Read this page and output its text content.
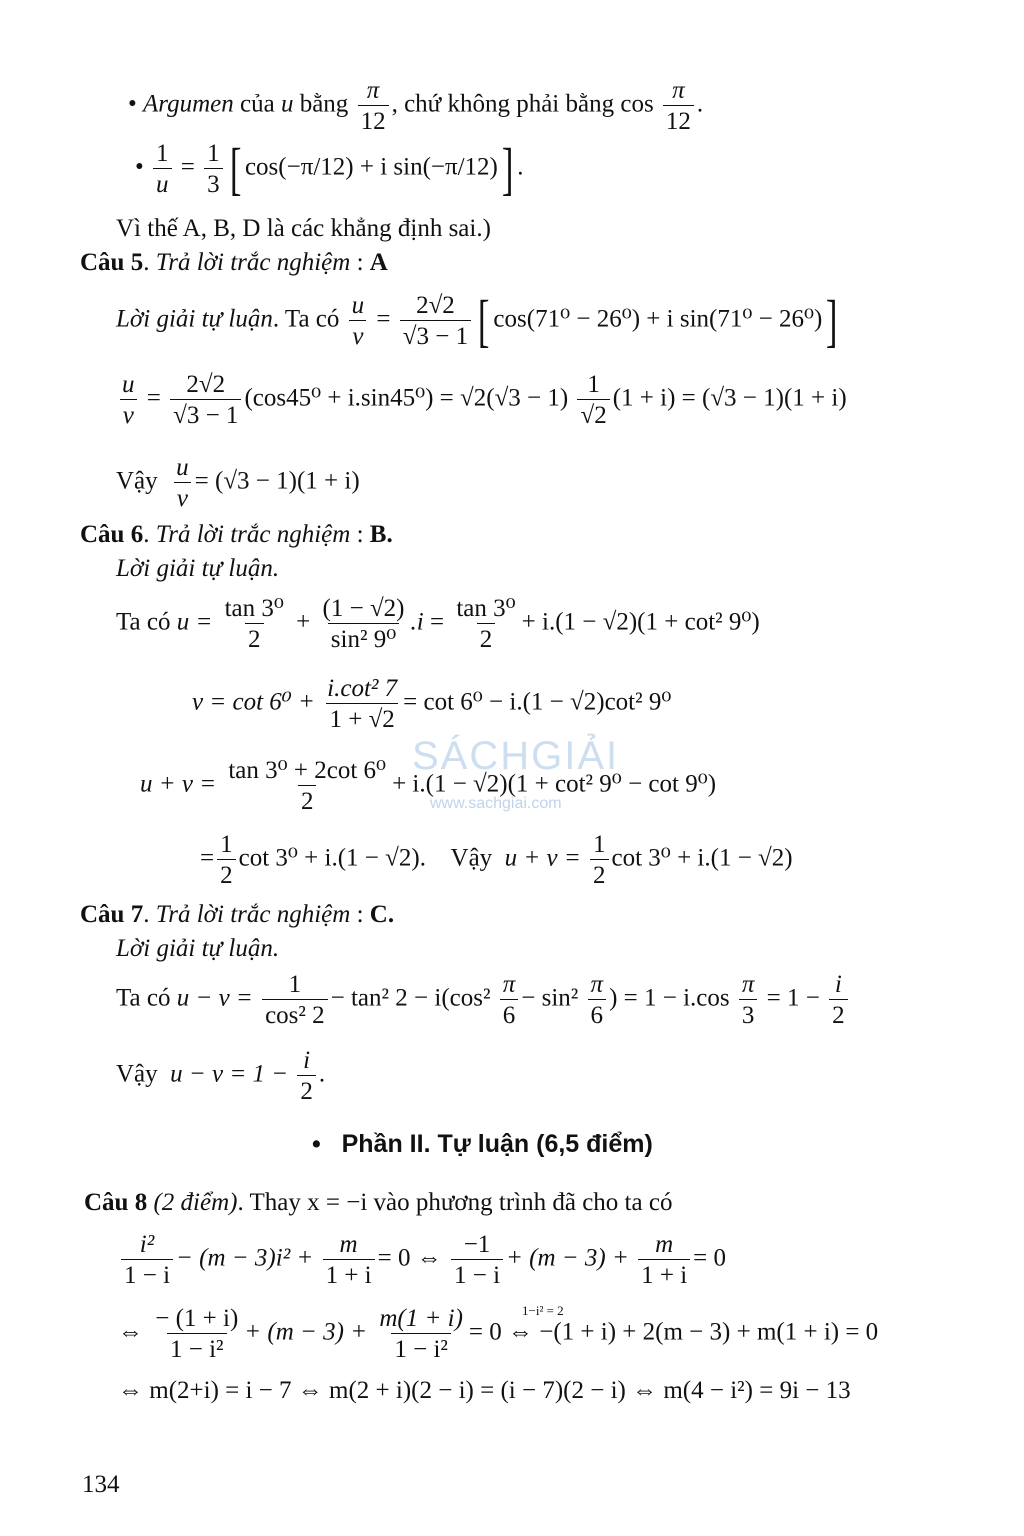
SÁCHGIẢI
www.sachgiai.com
• Argumen của u bằng $\frac{\pi}{12}$ , chứ không phải bằng $\cos \frac{\pi}{12}$ .
• $\frac{1}{u} = \frac{1}{3}$ [ cos(−π/12) + i sin(−π/12)] .
Vì thế A, B, D là các khẳng định sai.)
Câu 5. Trả lời trắc nghiệm : A
Lời giải tự luận. Ta có $\frac{u}{v} = \frac{2√2}{√3 - 1}$ [ cos(71⁰ − 26⁰) + i sin(71⁰ − 26⁰)]
$\frac{u}{v} = \frac{2√2}{√3 - 1} (\cos 45^0 + i.\sin 45^0) = √2(√3 - 1) \frac{1}{√2} (1 + i) = (√3 - 1)(1 + i)$
Vậy $\frac{u}{v} = (√3 - 1)(1 + i)$
Câu 6. Trả lời trắc nghiệm : B.
Lời giải tự luận.
Ta có $u = \frac{\text{tan 3⁰}}{2} + \frac{(1 - √2)}{\text{sin² 9⁰}} .i = \frac{\text{tan 3⁰}}{2} + i.(1 - √2)(1 + \cot^2$ 9⁰)
$v = \cot 6^0 + \frac{\text{i.cot² 7}}{1 + √2} = \cot 6^0 - i.(1 - √2)\cot^2$ 9⁰
$u + v = \frac{\text{tan 3⁰ + 2cot 6⁰}}{2} + i.(1 - √2)(1 + \cot^2$ 9⁰ − cot 9⁰)
= $\frac{1}{2}$ cot 3⁰ + i.(1 − √2). Vậy $u + v = \frac{1}{2}$ cot 3⁰ + i.(1 − √2)
Câu 7. Trả lời trắc nghiệm : C.
Lời giải tự luận.
Ta có $u - v = \frac{1}{\text{cos² 2}} - \tan^2$ $2 - i(\cos^2 \frac{\pi}{6} - \sin^2 \frac{\pi}{6}$ ) = $1 - i.\cos \frac{\pi}{3} = 1 - \frac{i}{2}$
Vậy $u - v = 1 - \frac{i}{2}$ .
• Phần II. Tự luận (6,5 điểm)
Câu 8 (2 điểm). Thay x = −i vào phương trình đã cho ta có
$\frac{\text{i²}}{1 - i} - (m - 3)i^2 + \frac{m}{1 + i} = 0$ ⇔ $\frac{-1}{1 - i} + (m - 3) + \frac{m}{1 + i} = 0$
⇔ $\frac{- (1 + i)}{\text{1 − i²}} + (m - 3) + \frac{m(1 + i)}{\text{1 − i²}} = 0$ ⇔ −(1 + i) + 2(m − 3) + m(1 + i) = 0
1−i² = 2
⇔ m(2+i) = i − 7 ⇔ m(2 + i)(2 − i) = (i − 7)(2 − i) ⇔ m(4 − i²) = 9i − 13
134
